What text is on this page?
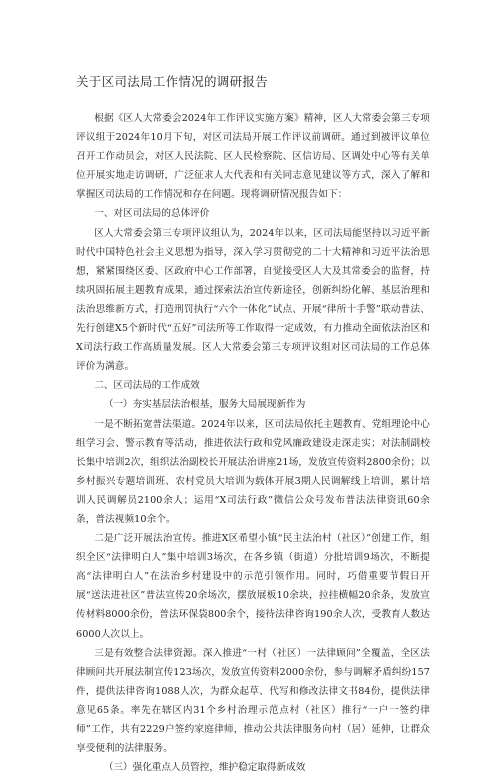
关于区司法局工作情况的调研报告

根据《区人大常委会2024年工作评议实施方案》精神，区人大常委会第三专项评议组于2024年10月下旬，对区司法局开展工作评议前调研。通过到被评议单位召开工作动员会，对区人民法院、区人民检察院、区信访局、区调处中心等有关单位开展实地走访调研，广泛征求人大代表和有关同志意见建议等方式，深入了解和掌握区司法局的工作情况和存在问题。现将调研情况报告如下：

一、对区司法局的总体评价

区人大常委会第三专项评议组认为，2024年以来，区司法局能坚持以习近平新时代中国特色社会主义思想为指导，深入学习贯彻党的二十大精神和习近平法治思想，紧紧围绕区委、区政府中心工作部署，自觉接受区人大及其常委会的监督，持续巩固拓展主题教育成果，通过探索法治宣传新途径，创新纠纷化解、基层治理和法治思维新方式，打造刑罚执行“六个一体化”试点、开展“律所十手警”联动普法、先行创建X5个新时代“五好”司法所等工作取得一定成效，有力推动全面依法治区和X司法行政工作高质量发展。区人大常委会第三专项评议组对区司法局的工作总体评价为满意。

二、区司法局的工作成效

（一）夯实基层法治根基，服务大局展现新作为

一是不断拓宽普法渠道。2024年以来，区司法局依托主题教育、党组理论中心组学习会、警示教育等活动，推进依法行政和党风廉政建设走深走实；对法制副校长集中培训2次，组织法治副校长开展法治讲座21场，发放宣传资料2800余份；以乡村振兴专题培训班、农村党员大培训为载体开展3期人民调解线上培训，累计培训人民调解员2100余人；运用“X司法行政”微信公众号发布普法法律资讯60余条，普法视频10余个。

二是广泛开展法治宣传。推进X区希望小镇“民主法治村（社区）”创建工作，组织全区“法律明白人”集中培训3场次，在各乡镇（街道）分批培训9场次，不断提高“法律明白人”在法治乡村建设中的示范引领作用。同时，巧借重要节假日开展“送法进社区”普法宣传20余场次，摆放展板10余块，拉挂横幅20余条，发放宣传材料8000余份，普法环保袋800余个，接待法律咨询190余人次，受教育人数达6000人次以上。

三是有效整合法律资源。深入推进“一村（社区）一法律顾问”全覆盖，全区法律顾问共开展法制宣传123场次，发放宣传资料2000余份，参与调解矛盾纠纷157件，提供法律咨询1088人次，为群众起草、代写和修改法律文书84份，提供法律意见65条。率先在辖区内31个乡村治理示范点村（社区）推行“一户一签约律师”工作，共有2229户签约家庭律师，推动公共法律服务向村（居）延伸，让群众享受便利的法律服务。

（三）强化重点人员管控，维护稳定取得新成效
